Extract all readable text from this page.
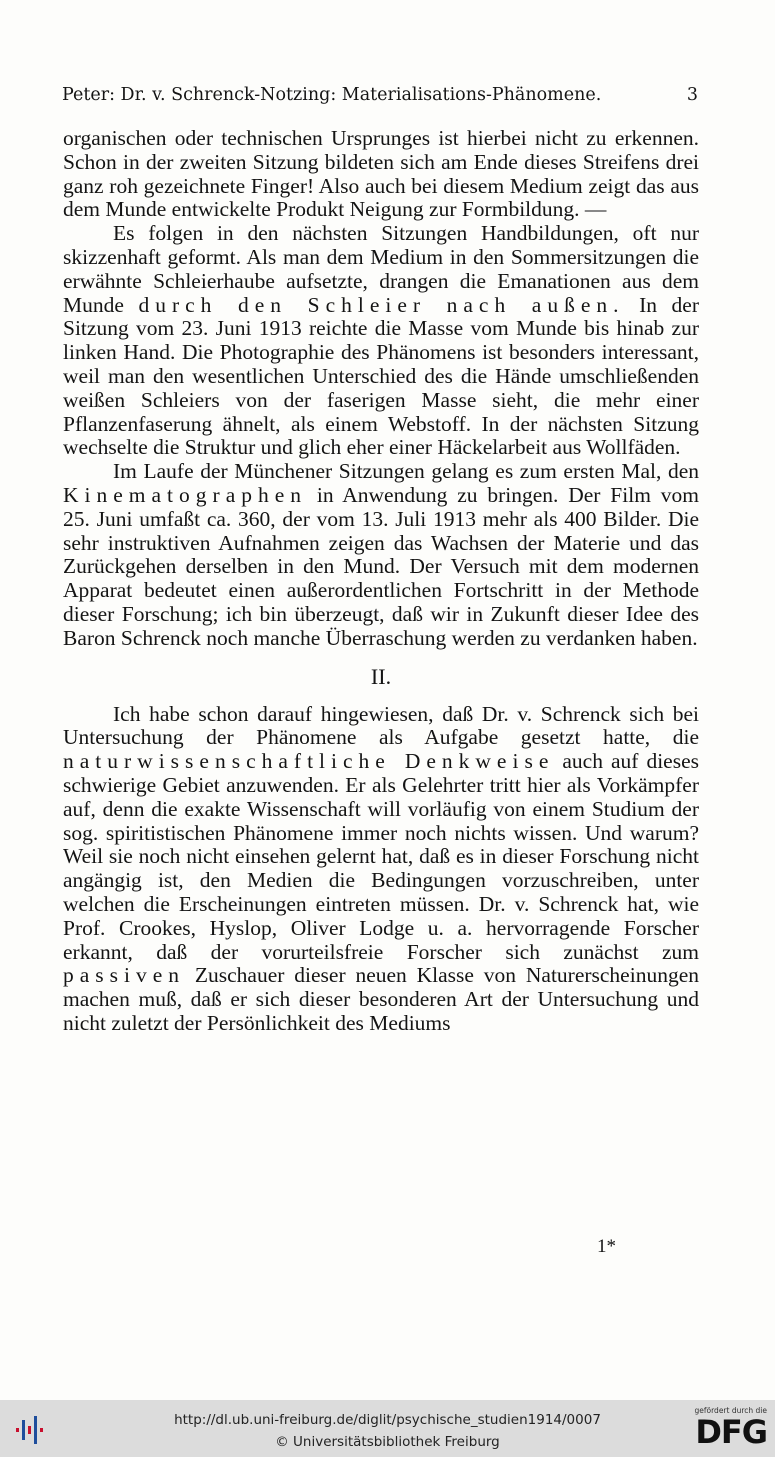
Peter: Dr. v. Schrenck-Notzing: Materialisations-Phänomene.	3

organischen oder technischen Ursprunges ist hierbei nicht zu erkennen. Schon in der zweiten Sitzung bildeten sich am Ende dieses Streifens drei ganz roh gezeichnete Finger! Also auch bei diesem Medium zeigt das aus dem Munde entwickelte Produkt Neigung zur Formbildung. —

Es folgen in den nächsten Sitzungen Handbildungen, oft nur skizzenhaft geformt. Als man dem Medium in den Sommersitzungen die erwähnte Schleierhaube aufsetzte, drangen die Emanationen aus dem Munde durch den Schleier nach außen. In der Sitzung vom 23. Juni 1913 reichte die Masse vom Munde bis hinab zur linken Hand. Die Photographie des Phänomens ist besonders interessant, weil man den wesentlichen Unterschied des die Hände umschließenden weißen Schleiers von der faserigen Masse sieht, die mehr einer Pflanzenfaserung ähnelt, als einem Webstoff. In der nächsten Sitzung wechselte die Struktur und glich eher einer Häckelarbeit aus Wollfäden.

Im Laufe der Münchener Sitzungen gelang es zum ersten Mal, den Kinematographen in Anwendung zu bringen. Der Film vom 25. Juni umfaßt ca. 360, der vom 13. Juli 1913 mehr als 400 Bilder. Die sehr instruktiven Aufnahmen zeigen das Wachsen der Materie und das Zurückgehen derselben in den Mund. Der Versuch mit dem modernen Apparat bedeutet einen außerordentlichen Fortschritt in der Methode dieser Forschung; ich bin überzeugt, daß wir in Zukunft dieser Idee des Baron Schrenck noch manche Überraschung werden zu verdanken haben.

II.

Ich habe schon darauf hingewiesen, daß Dr. v. Schrenck sich bei Untersuchung der Phänomene als Aufgabe gesetzt hatte, die naturwissenschaftliche Denkweise auch auf dieses schwierige Gebiet anzuwenden. Er als Gelehrter tritt hier als Vorkämpfer auf, denn die exakte Wissenschaft will vorläufig von einem Studium der sog. spiritistischen Phänomene immer noch nichts wissen. Und warum? Weil sie noch nicht einsehen gelernt hat, daß es in dieser Forschung nicht angängig ist, den Medien die Bedingungen vorzuschreiben, unter welchen die Erscheinungen eintreten müssen. Dr. v. Schrenck hat, wie Prof. Crookes, Hyslop, Oliver Lodge u. a. hervorragende Forscher erkannt, daß der vorurteilsfreie Forscher sich zunächst zum passiven Zuschauer dieser neuen Klasse von Naturerscheinungen machen muß, daß er sich dieser besonderen Art der Untersuchung und nicht zuletzt der Persönlichkeit des Mediums

1*
http://dl.ub.uni-freiburg.de/diglit/psychische_studien1914/0007
© Universitätsbibliothek Freiburg
gefördert durch die
DFG
